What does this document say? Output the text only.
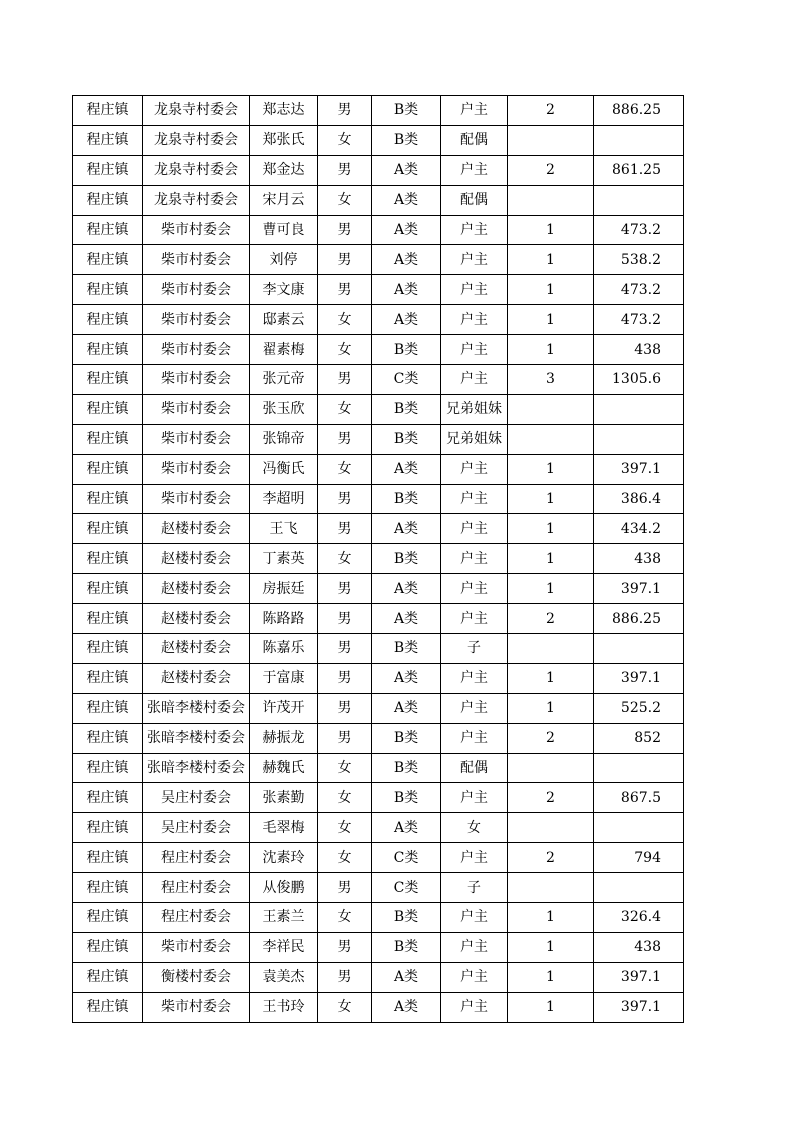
程庄镇	龙泉寺村委会	郑志达	男	B类	户主	2	886.25
程庄镇	龙泉寺村委会	郑张氏	女	B类	配偶		
程庄镇	龙泉寺村委会	郑金达	男	A类	户主	2	861.25
程庄镇	龙泉寺村委会	宋月云	女	A类	配偶		
程庄镇	柴市村委会	曹可良	男	A类	户主	1	473.2
程庄镇	柴市村委会	刘停	男	A类	户主	1	538.2
程庄镇	柴市村委会	李文康	男	A类	户主	1	473.2
程庄镇	柴市村委会	邸素云	女	A类	户主	1	473.2
程庄镇	柴市村委会	翟素梅	女	B类	户主	1	438
程庄镇	柴市村委会	张元帝	男	C类	户主	3	1305.6
程庄镇	柴市村委会	张玉欣	女	B类	兄弟姐妹		
程庄镇	柴市村委会	张锦帝	男	B类	兄弟姐妹		
程庄镇	柴市村委会	冯衡氏	女	A类	户主	1	397.1
程庄镇	柴市村委会	李超明	男	B类	户主	1	386.4
程庄镇	赵楼村委会	王飞	男	A类	户主	1	434.2
程庄镇	赵楼村委会	丁素英	女	B类	户主	1	438
程庄镇	赵楼村委会	房振廷	男	A类	户主	1	397.1
程庄镇	赵楼村委会	陈路路	男	A类	户主	2	886.25
程庄镇	赵楼村委会	陈嘉乐	男	B类	子		
程庄镇	赵楼村委会	于富康	男	A类	户主	1	397.1
程庄镇	张暗李楼村委会	许茂开	男	A类	户主	1	525.2
程庄镇	张暗李楼村委会	赫振龙	男	B类	户主	2	852
程庄镇	张暗李楼村委会	赫魏氏	女	B类	配偶		
程庄镇	吴庄村委会	张素勤	女	B类	户主	2	867.5
程庄镇	吴庄村委会	毛翠梅	女	A类	女		
程庄镇	程庄村委会	沈素玲	女	C类	户主	2	794
程庄镇	程庄村委会	从俊鹏	男	C类	子		
程庄镇	程庄村委会	王素兰	女	B类	户主	1	326.4
程庄镇	柴市村委会	李祥民	男	B类	户主	1	438
程庄镇	衡楼村委会	袁美杰	男	A类	户主	1	397.1
程庄镇	柴市村委会	王书玲	女	A类	户主	1	397.1
